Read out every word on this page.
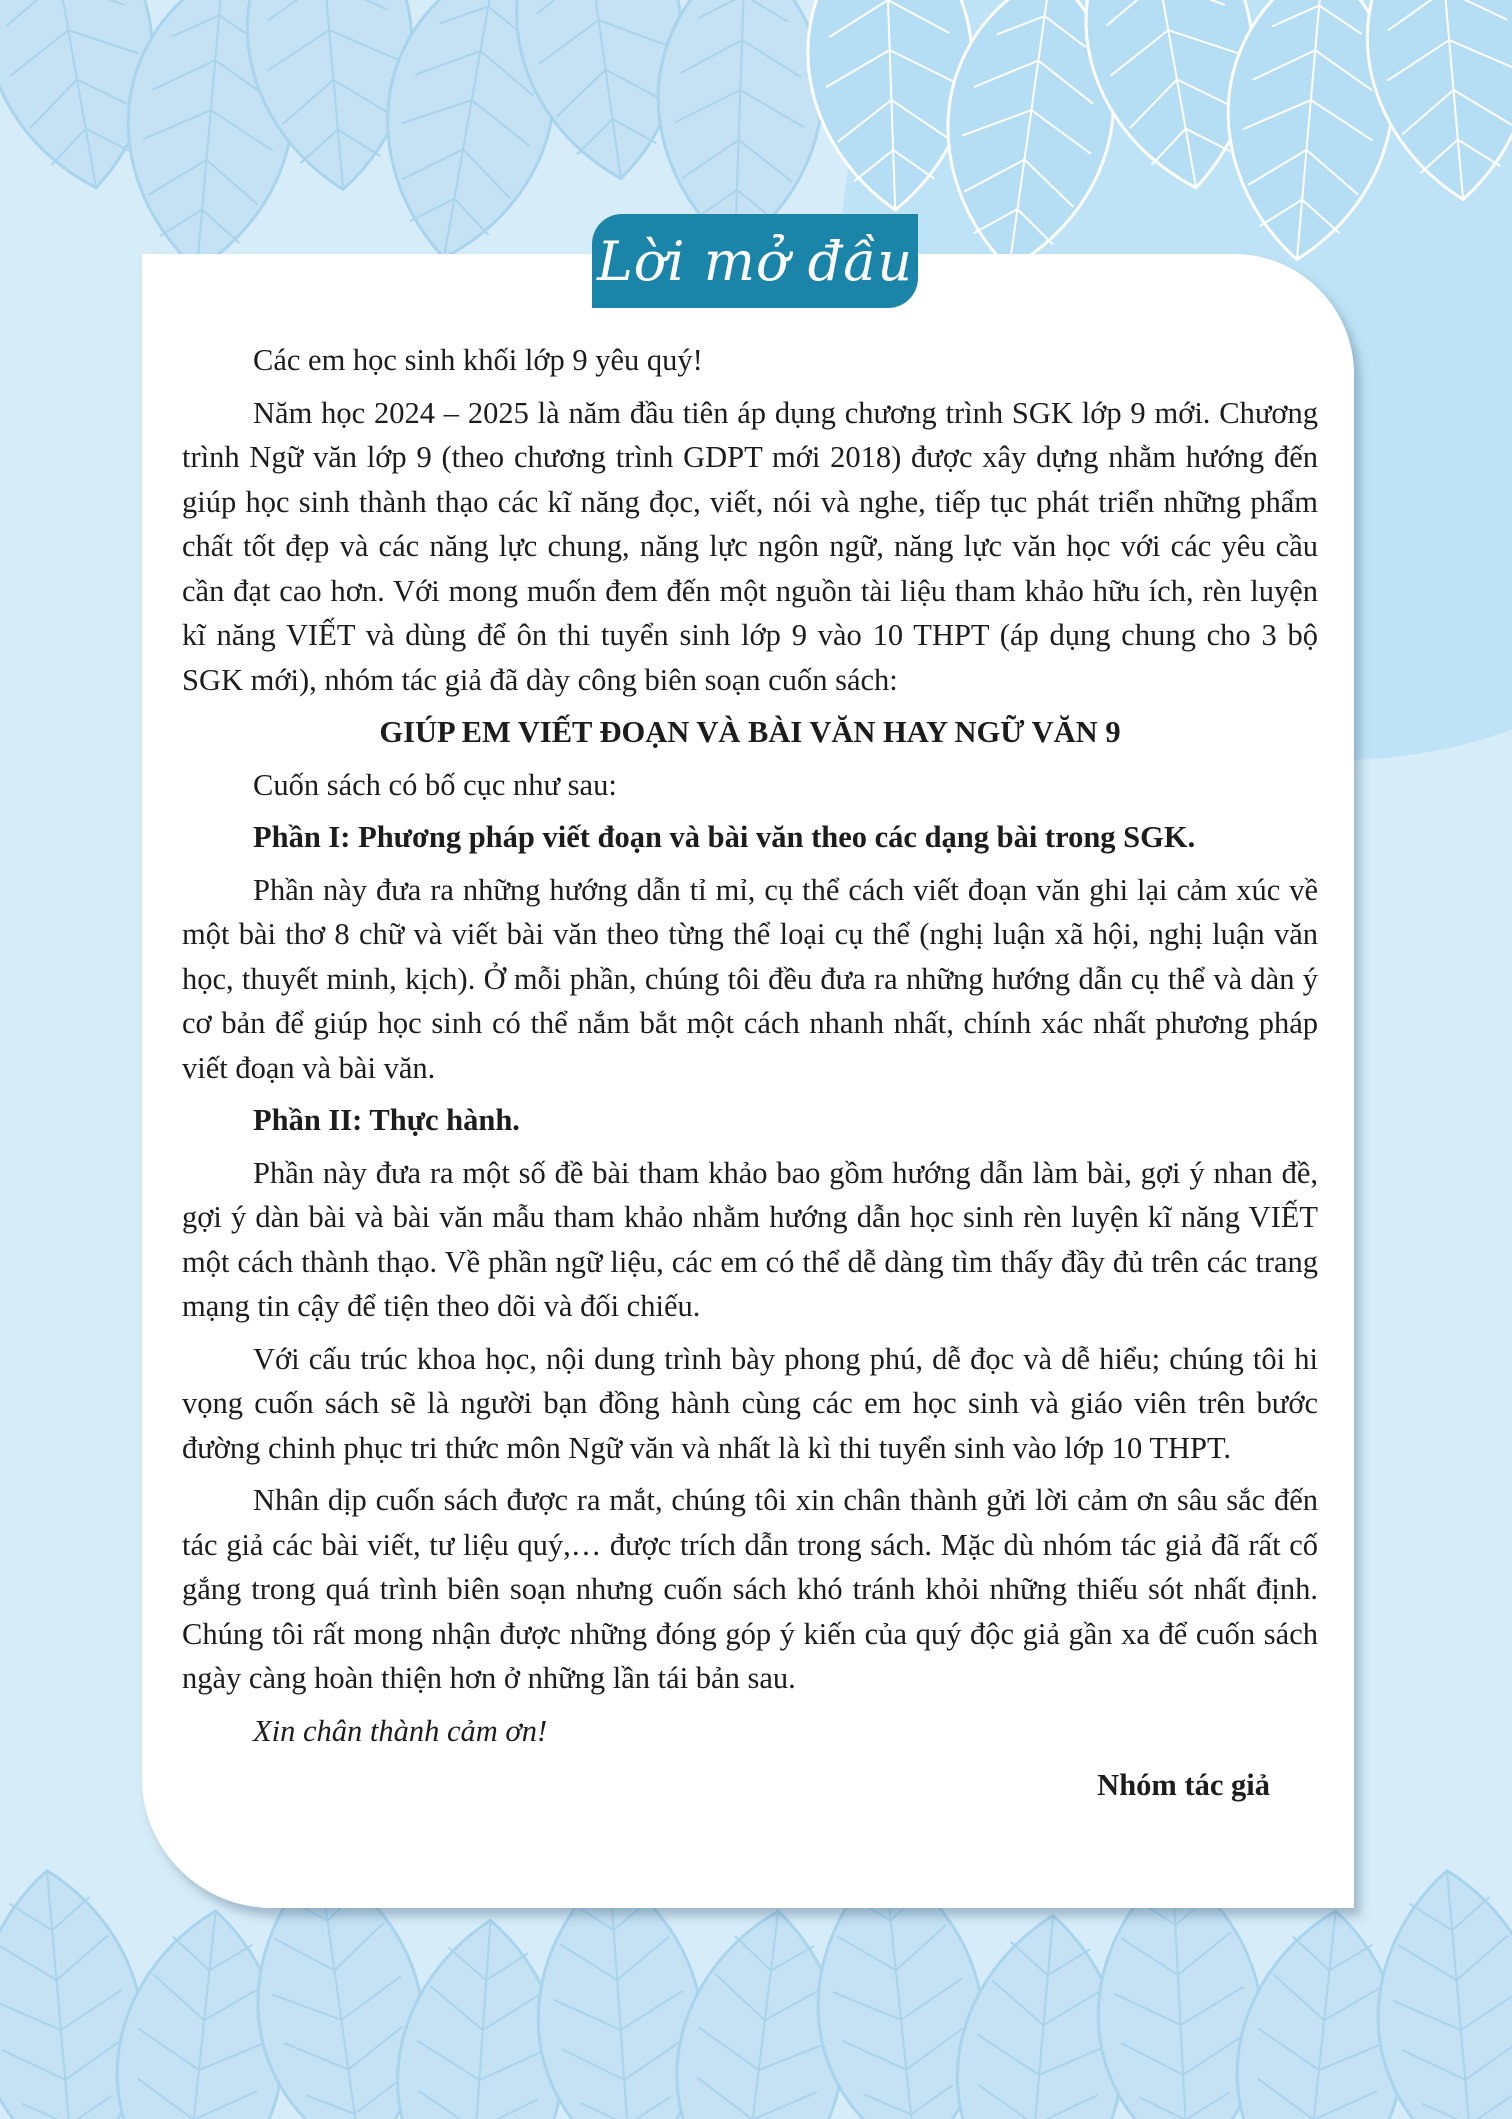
Lời mở đầu

Các em học sinh khối lớp 9 yêu quý!

Năm học 2024 – 2025 là năm đầu tiên áp dụng chương trình SGK lớp 9 mới. Chương trình Ngữ văn lớp 9 (theo chương trình GDPT mới 2018) được xây dựng nhằm hướng đến giúp học sinh thành thạo các kĩ năng đọc, viết, nói và nghe, tiếp tục phát triển những phẩm chất tốt đẹp và các năng lực chung, năng lực ngôn ngữ, năng lực văn học với các yêu cầu cần đạt cao hơn. Với mong muốn đem đến một nguồn tài liệu tham khảo hữu ích, rèn luyện kĩ năng VIẾT và dùng để ôn thi tuyển sinh lớp 9 vào 10 THPT (áp dụng chung cho 3 bộ SGK mới), nhóm tác giả đã dày công biên soạn cuốn sách:

GIÚP EM VIẾT ĐOẠN VÀ BÀI VĂN HAY NGỮ VĂN 9

Cuốn sách có bố cục như sau:

Phần I: Phương pháp viết đoạn và bài văn theo các dạng bài trong SGK.

Phần này đưa ra những hướng dẫn tỉ mỉ, cụ thể cách viết đoạn văn ghi lại cảm xúc về một bài thơ 8 chữ và viết bài văn theo từng thể loại cụ thể (nghị luận xã hội, nghị luận văn học, thuyết minh, kịch). Ở mỗi phần, chúng tôi đều đưa ra những hướng dẫn cụ thể và dàn ý cơ bản để giúp học sinh có thể nắm bắt một cách nhanh nhất, chính xác nhất phương pháp viết đoạn và bài văn.

Phần II: Thực hành.

Phần này đưa ra một số đề bài tham khảo bao gồm hướng dẫn làm bài, gợi ý nhan đề, gợi ý dàn bài và bài văn mẫu tham khảo nhằm hướng dẫn học sinh rèn luyện kĩ năng VIẾT một cách thành thạo. Về phần ngữ liệu, các em có thể dễ dàng tìm thấy đầy đủ trên các trang mạng tin cậy để tiện theo dõi và đối chiếu.

Với cấu trúc khoa học, nội dung trình bày phong phú, dễ đọc và dễ hiểu; chúng tôi hi vọng cuốn sách sẽ là người bạn đồng hành cùng các em học sinh và giáo viên trên bước đường chinh phục tri thức môn Ngữ văn và nhất là kì thi tuyển sinh vào lớp 10 THPT.

Nhân dịp cuốn sách được ra mắt, chúng tôi xin chân thành gửi lời cảm ơn sâu sắc đến tác giả các bài viết, tư liệu quý,… được trích dẫn trong sách. Mặc dù nhóm tác giả đã rất cố gắng trong quá trình biên soạn nhưng cuốn sách khó tránh khỏi những thiếu sót nhất định. Chúng tôi rất mong nhận được những đóng góp ý kiến của quý độc giả gần xa để cuốn sách ngày càng hoàn thiện hơn ở những lần tái bản sau.

Xin chân thành cảm ơn!

Nhóm tác giả
